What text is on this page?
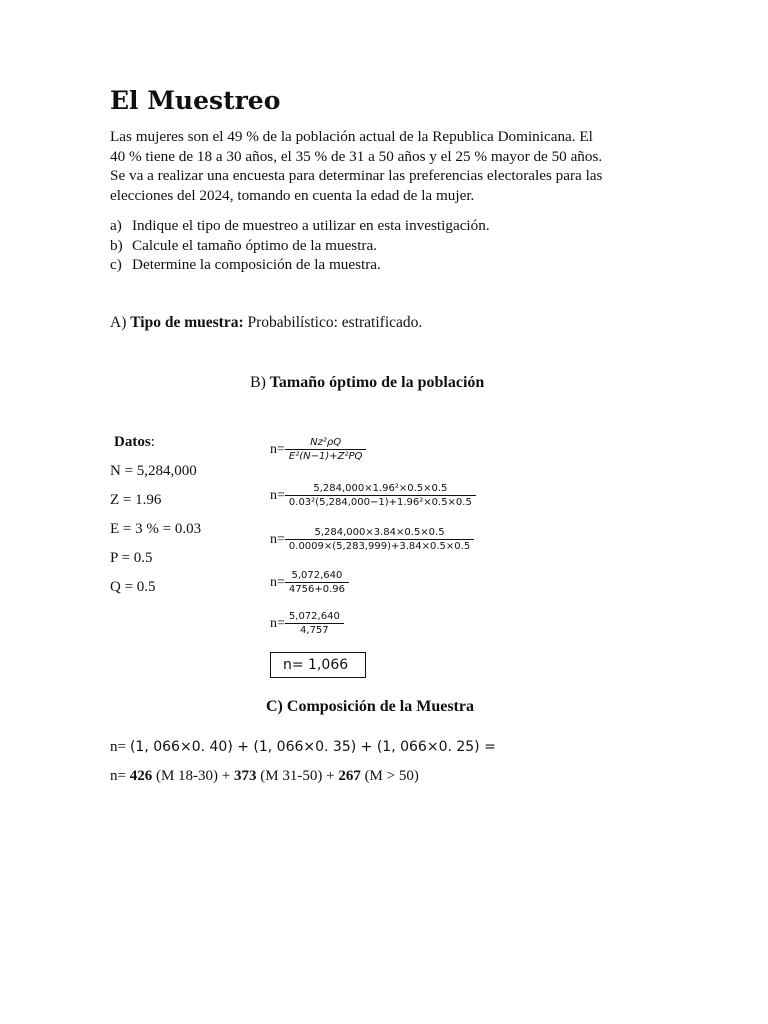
El Muestreo
Las mujeres son el 49 % de la población actual de la Republica Dominicana. El
40 % tiene de 18 a 30 años, el 35 % de 31 a 50 años y el 25 % mayor de 50 años.
Se va a realizar una encuesta para determinar las preferencias electorales para las
elecciones del 2024, tomando en cuenta la edad de la mujer.
a) Indique el tipo de muestreo a utilizar en esta investigación.
b) Calcule el tamaño óptimo de la muestra.
c) Determine la composición de la muestra.
A) Tipo de muestra: Probabilístico: estratificado.
B) Tamaño óptimo de la población
Datos:
N = 5,284,000
Z = 1.96
E = 3 % = 0.03
P = 0.5
Q = 0.5
$n= \frac{\text{Nz²ρQ}}{\text{E²(N−1)+Z²PQ}}$
$n= \frac{\text{5,284,000×1.96²×0.5×0.5}}{\text{0.03²(5,284,000−1)+1.96²×0.5×0.5}}$
$n= \frac{5,284,000\times 3.84\times 0.5\times 0.5}{0.0009\times(5,283,999)+3.84\times 0.5\times 0.5}$
$n= \frac{5,072,640}{4756+0.96}$
$n= \frac{5,072,640}{4,757}$
n= 1,066
C) Composición de la Muestra
n= (1, 066×0. 40) + (1, 066×0. 35) + (1, 066×0. 25) =
n= 426 (M 18-30) + 373 (M 31-50) + 267 (M > 50)
